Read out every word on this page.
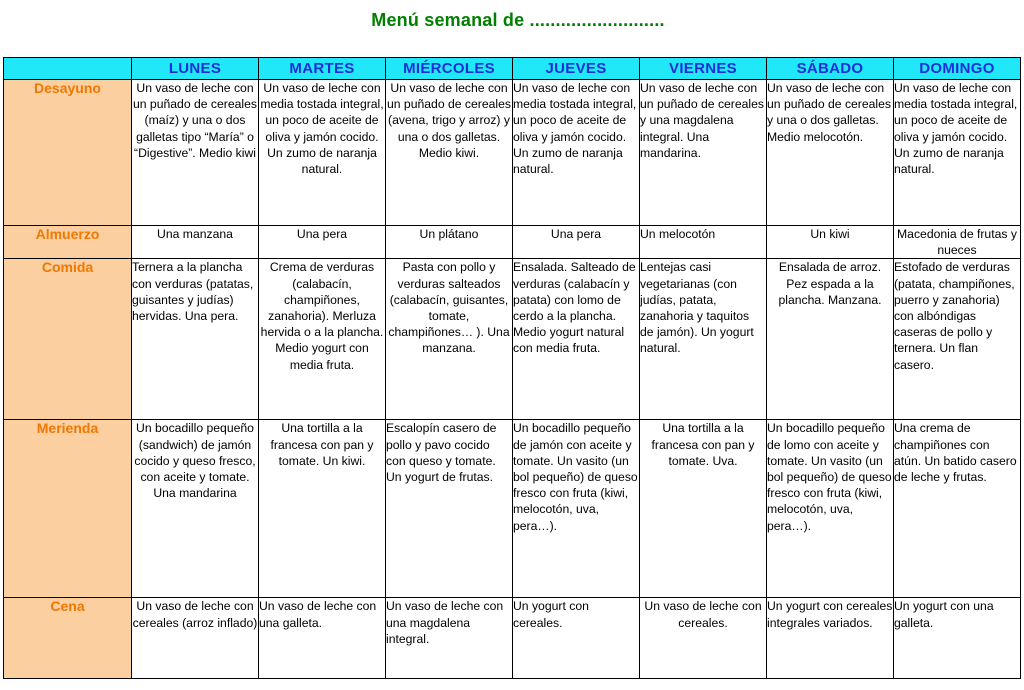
Menú semanal de ..........................
	LUNES	MARTES	MIÉRCOLES	JUEVES	VIERNES	SÁBADO	DOMINGO
Desayuno	Un vaso de leche con un puñado de cereales (maíz) y una o dos galletas tipo “María” o “Digestive”. Medio kiwi	Un vaso de leche con media tostada integral, un poco de aceite de oliva y jamón cocido. Un zumo de naranja natural.	Un vaso de leche con un puñado de cereales (avena, trigo y arroz) y una o dos galletas. Medio kiwi.	Un vaso de leche con media tostada integral, un poco de aceite de oliva y jamón cocido. Un zumo de naranja natural.	Un vaso de leche con un puñado de cereales y una magdalena integral. Una mandarina.	Un vaso de leche con un puñado de cereales y una o dos galletas. Medio melocotón.	Un vaso de leche con media tostada integral, un poco de aceite de oliva y jamón cocido. Un zumo de naranja natural.
Almuerzo	Una manzana	Una pera	Un plátano	Una pera	Un melocotón	Un kiwi	Macedonia de frutas y nueces
Comida	Ternera a la plancha con verduras (patatas, guisantes y judías) hervidas. Una pera.	Crema de verduras (calabacín, champiñones, zanahoria). Merluza hervida o a la plancha. Medio yogurt con media fruta.	Pasta con pollo y verduras salteados (calabacín, guisantes, tomate, champiñones… ). Una manzana.	Ensalada. Salteado de verduras (calabacín y patata) con lomo de cerdo a la plancha. Medio yogurt natural con media fruta.	Lentejas casi vegetarianas (con judías, patata, zanahoria y taquitos de jamón). Un yogurt natural.	Ensalada de arroz. Pez espada a la plancha. Manzana.	Estofado de verduras (patata, champiñones, puerro y zanahoria) con albóndigas caseras de pollo y ternera. Un flan casero.
Merienda	Un bocadillo pequeño (sandwich) de jamón cocido y queso fresco, con aceite y tomate. Una mandarina	Una tortilla a la francesa con pan y tomate. Un kiwi.	Escalopín casero de pollo y pavo cocido con queso y tomate. Un yogurt de frutas.	Un bocadillo pequeño de jamón con aceite y tomate. Un vasito (un bol pequeño) de queso fresco con fruta (kiwi, melocotón, uva, pera…).	Una tortilla a la francesa con pan y tomate. Uva.	Un bocadillo pequeño de lomo con aceite y tomate. Un vasito (un bol pequeño) de queso fresco con fruta (kiwi, melocotón, uva, pera…).	Una crema de champiñones con atún. Un batido casero de leche y frutas.
Cena	Un vaso de leche con cereales (arroz inflado)	Un vaso de leche con una galleta.	Un vaso de leche con una magdalena integral.	Un yogurt con cereales.	Un vaso de leche con cereales.	Un yogurt con cereales integrales variados.	Un yogurt con una galleta.
